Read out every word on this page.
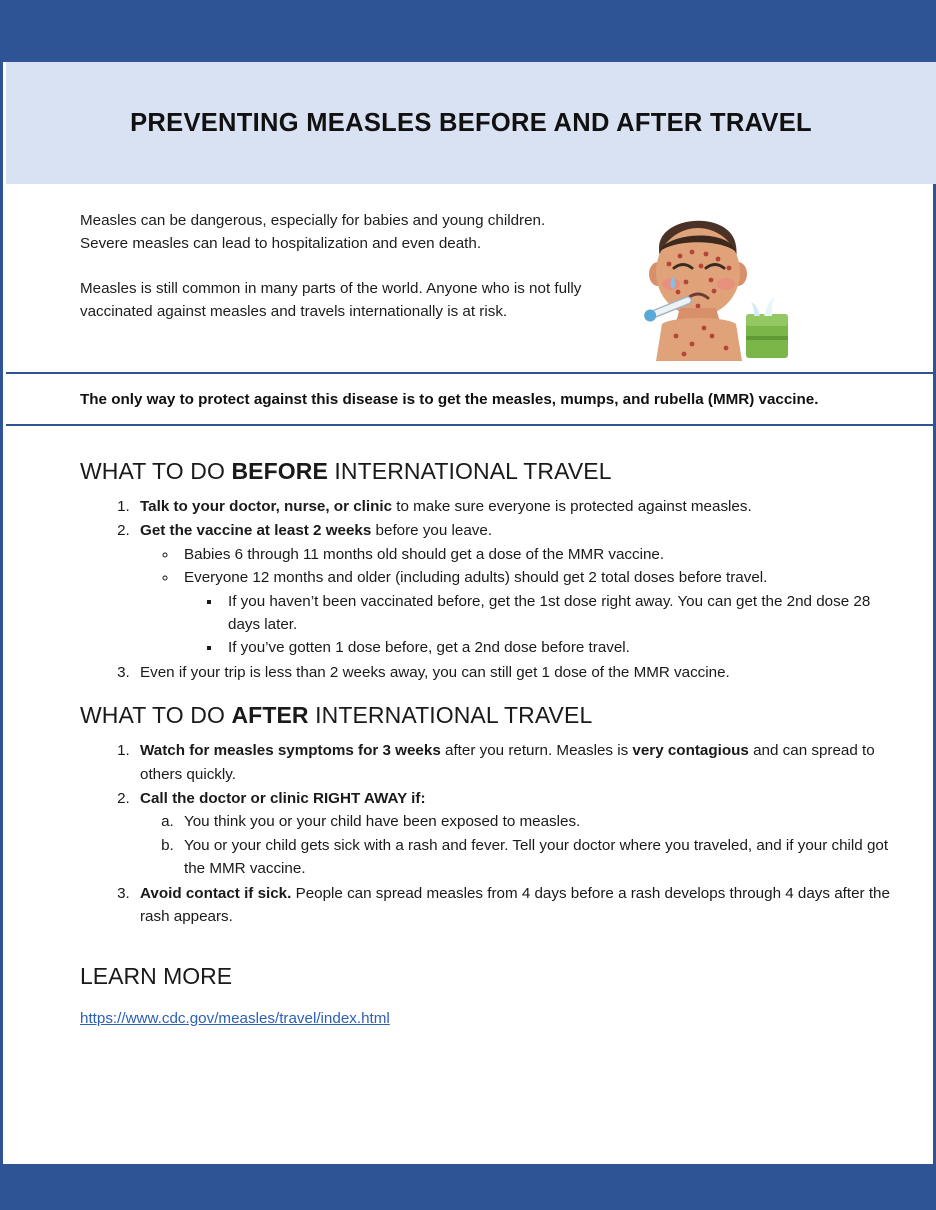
PREVENTING MEASLES BEFORE AND AFTER TRAVEL

Measles can be dangerous, especially for babies and young children. Severe measles can lead to hospitalization and even death.

Measles is still common in many parts of the world. Anyone who is not fully vaccinated against measles and travels internationally is at risk.

The only way to protect against this disease is to get the measles, mumps, and rubella (MMR) vaccine.

WHAT TO DO BEFORE INTERNATIONAL TRAVEL
1. Talk to your doctor, nurse, or clinic to make sure everyone is protected against measles.
2. Get the vaccine at least 2 weeks before you leave.
◦ Babies 6 through 11 months old should get a dose of the MMR vaccine.
◦ Everyone 12 months and older (including adults) should get 2 total doses before travel.
▪ If you haven’t been vaccinated before, get the 1st dose right away. You can get the 2nd dose 28 days later.
▪ If you’ve gotten 1 dose before, get a 2nd dose before travel.
3. Even if your trip is less than 2 weeks away, you can still get 1 dose of the MMR vaccine.
WHAT TO DO AFTER INTERNATIONAL TRAVEL
1. Watch for measles symptoms for 3 weeks after you return. Measles is very contagious and can spread to others quickly.
2. Call the doctor or clinic RIGHT AWAY if:
a. You think you or your child have been exposed to measles.
b. You or your child gets sick with a rash and fever. Tell your doctor where you traveled, and if your child got the MMR vaccine.
3. Avoid contact if sick. People can spread measles from 4 days before a rash develops through 4 days after the rash appears.
LEARN MORE
https://www.cdc.gov/measles/travel/index.html
